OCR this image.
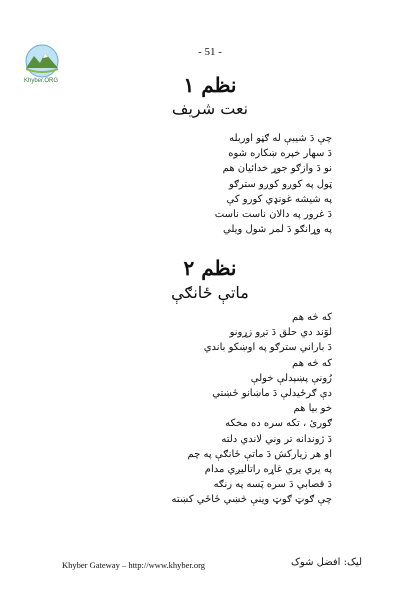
- 51 -
Khyber.ORG	نظم ۱
نعت شريف
چې دَ شيبې له ګڼو اوربله
دَ سهار خپره ښکاره شوه
نو دَ وازګو جوړ خدائيان هم
ټول په کوږو کوږو سترګو
په شيشه غونډي کورو کې
دَ غرور په دالان ناست ناست
په وړانګو دَ لمر شول ويلي
نظم ۲
ماتې ځانګې
که څه هم
لوَند دي حلق دَ تږو زړونو
دَ باراني سترګو په اوښکو باندي
که څه هم
رُونې پښېدلې خولې
دې ګرځيدلې دَ ماښانو ځښتي
خو بيا هم
ګورئ ، تکه سره ده مخکه
دَ ژوندانه تر وني لاندي دلته
او هر زيارکش دَ ماتې ځانګې په چم
په يري يري غاړه راتاليږي مدام
دَ قصابي دَ سره پَسه په رنګه
چې ګوټ ګوټ وينې څښي ځاځي کښته
Khyber Gateway – http://www.khyber.org	ليک: افضل شوک
